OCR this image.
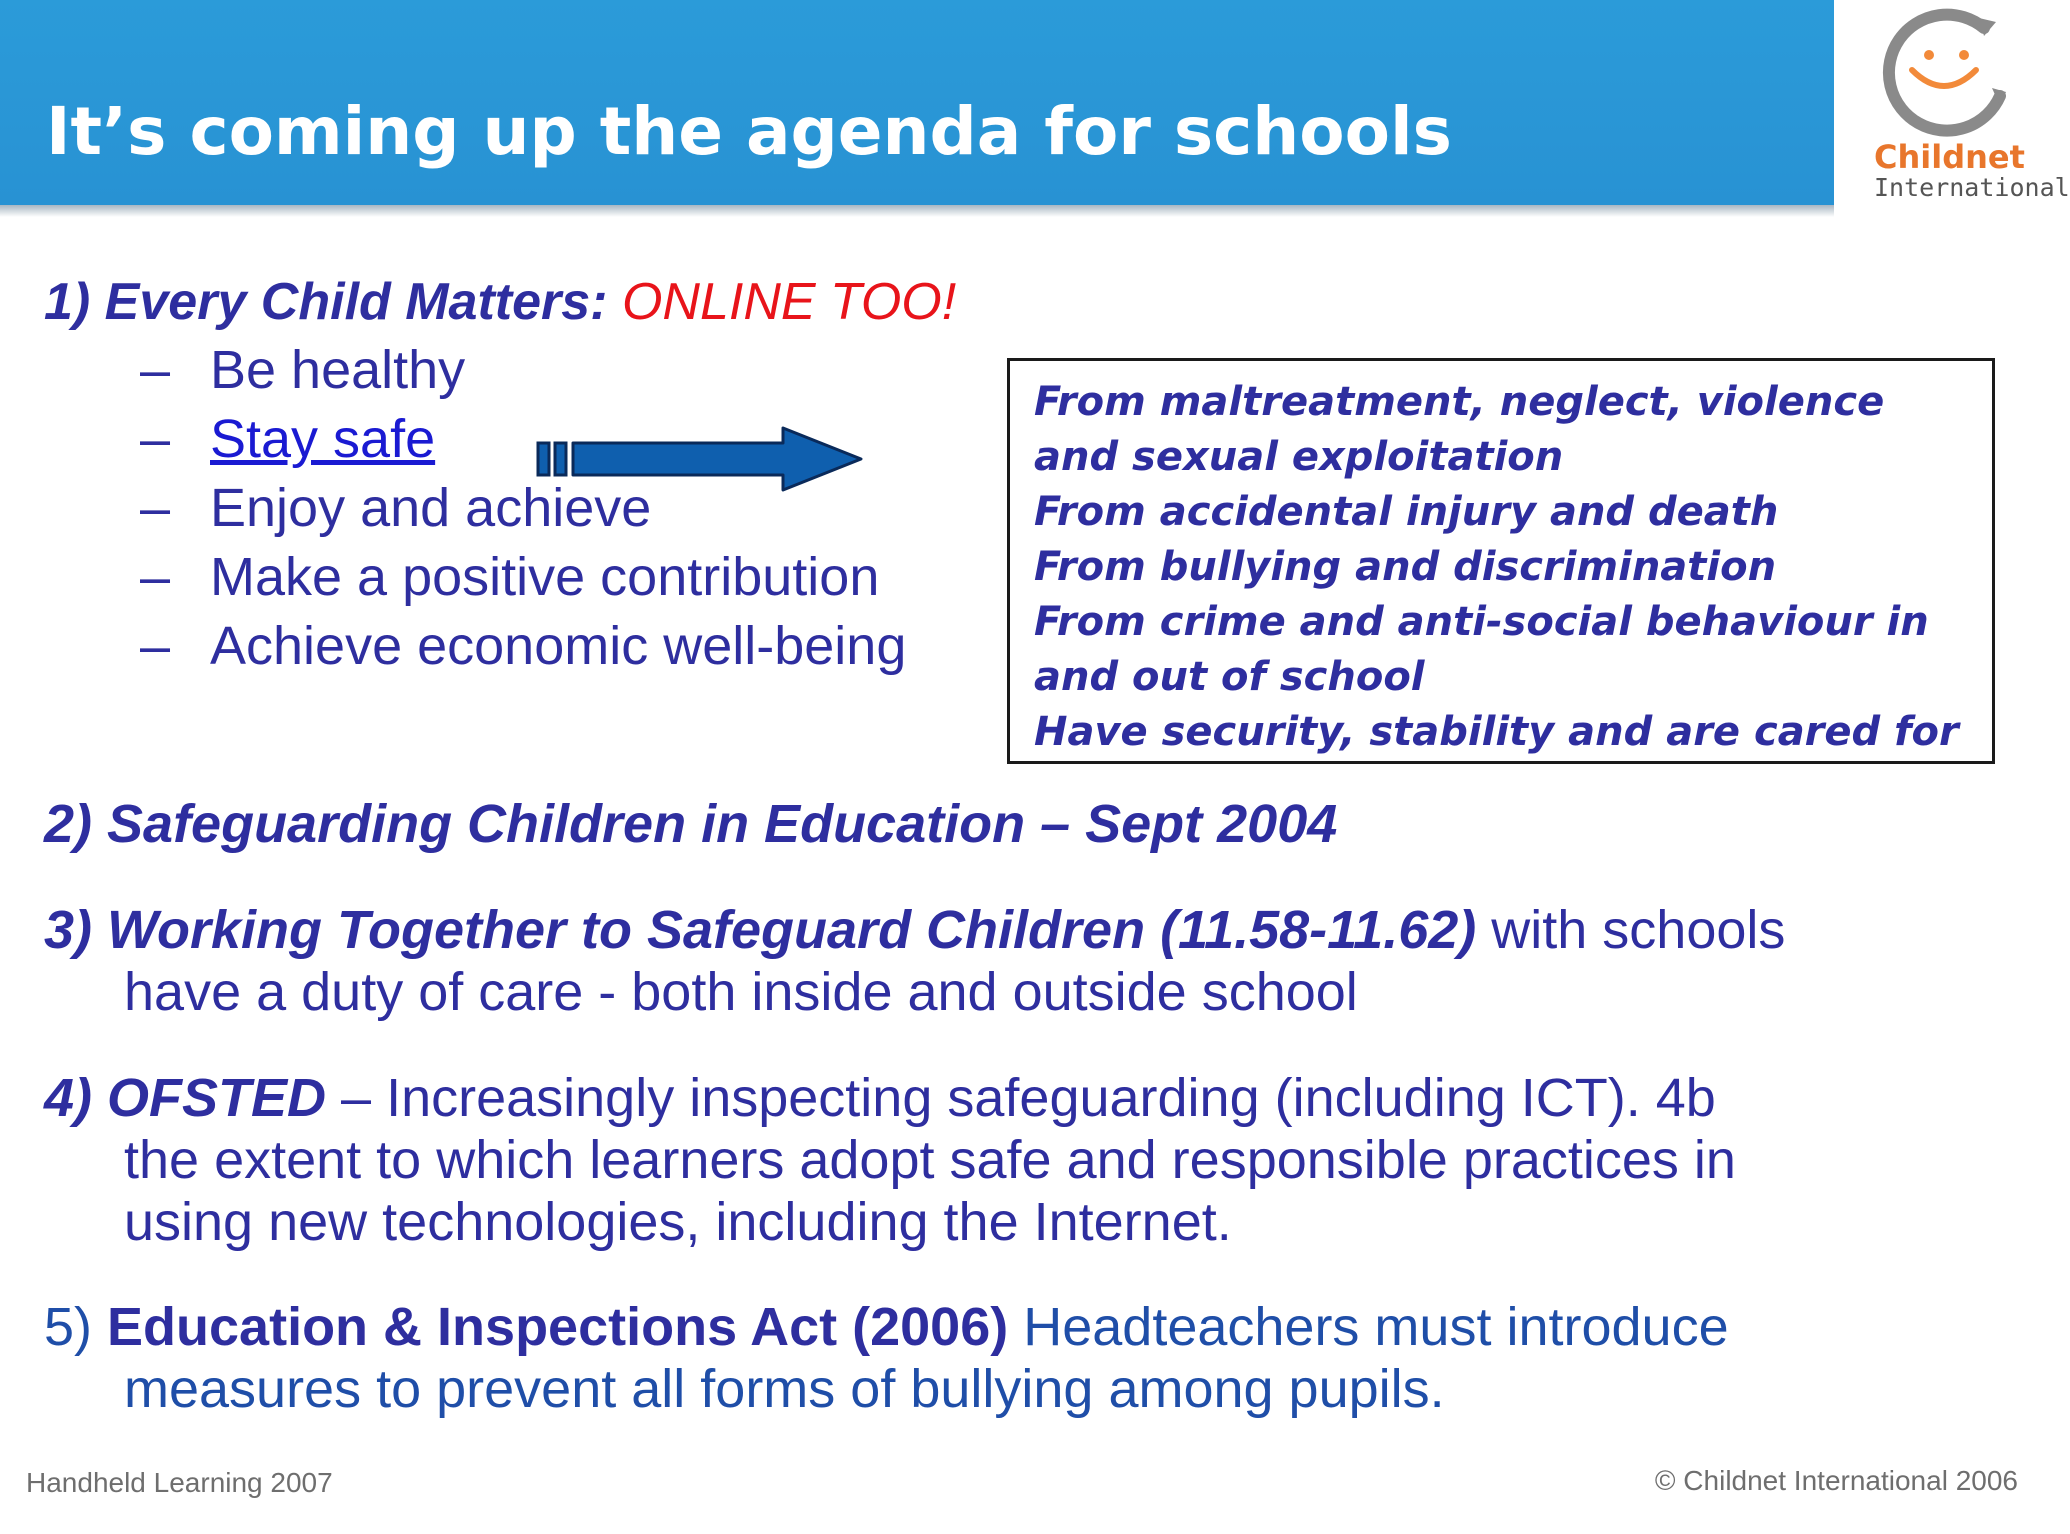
It’s coming up the agenda for schools	Childnet
International

1) Every Child Matters: ONLINE TOO!

– Be healthy
– Stay safe
– Enjoy and achieve
– Make a positive contribution
– Achieve economic well-being
From maltreatment, neglect, violence
and sexual exploitation
From accidental injury and death
From bullying and discrimination
From crime and anti-social behaviour in
and out of school
Have security, stability and are cared for

2) Safeguarding Children in Education – Sept 2004

3) Working Together to Safeguard Children (11.58-11.62) with schools
have a duty of care - both inside and outside school

4) OFSTED – Increasingly inspecting safeguarding (including ICT). 4b
the extent to which learners adopt safe and responsible practices in
using new technologies, including the Internet.

5) Education & Inspections Act (2006) Headteachers must introduce
measures to prevent all forms of bullying among pupils.

Handheld Learning 2007	© Childnet International 2006
